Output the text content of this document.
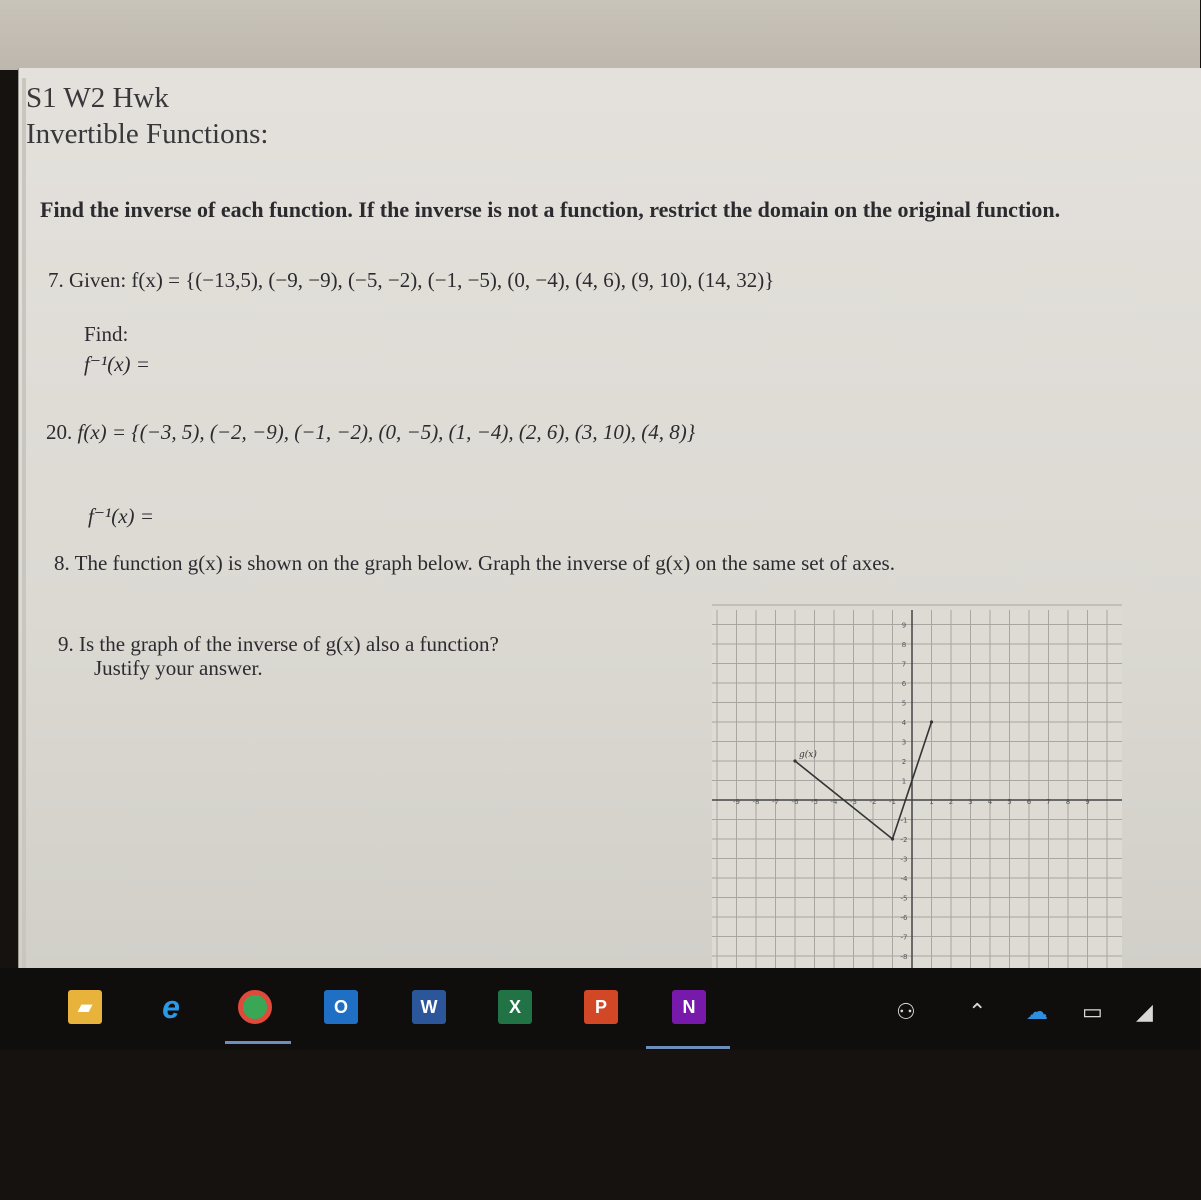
S1 W2 Hwk
Invertible Functions:
Find the inverse of each function. If the inverse is not a function, restrict the domain on the original function.
7. Given: f(x) = {(−13,5), (−9, −9), (−5, −2), (−1, −5), (0, −4), (4, 6), (9, 10), (14, 32)}
Find:
f⁻¹(x) =
20. f(x) = {(−3, 5), (−2, −9), (−1, −2), (0, −5), (1, −4), (2, 6), (3, 10), (4, 8)}
f⁻¹(x) =
8. The function g(x) is shown on the graph below. Graph the inverse of g(x) on the same set of axes.
9. Is the graph of the inverse of g(x) also a function?
Justify your answer.
-9 -8 -7 -6 -5 -4 -3 -2 -1	1 2 3 4 5 6 7 8 9
9
8
7
6
5
4
3
2
1
-1
-2
-3
-4
-5
-6
-7
-8
g(x)
▰	e	O	W	X	P	N	⚇ ⌃ ☁ ▭ ◢
